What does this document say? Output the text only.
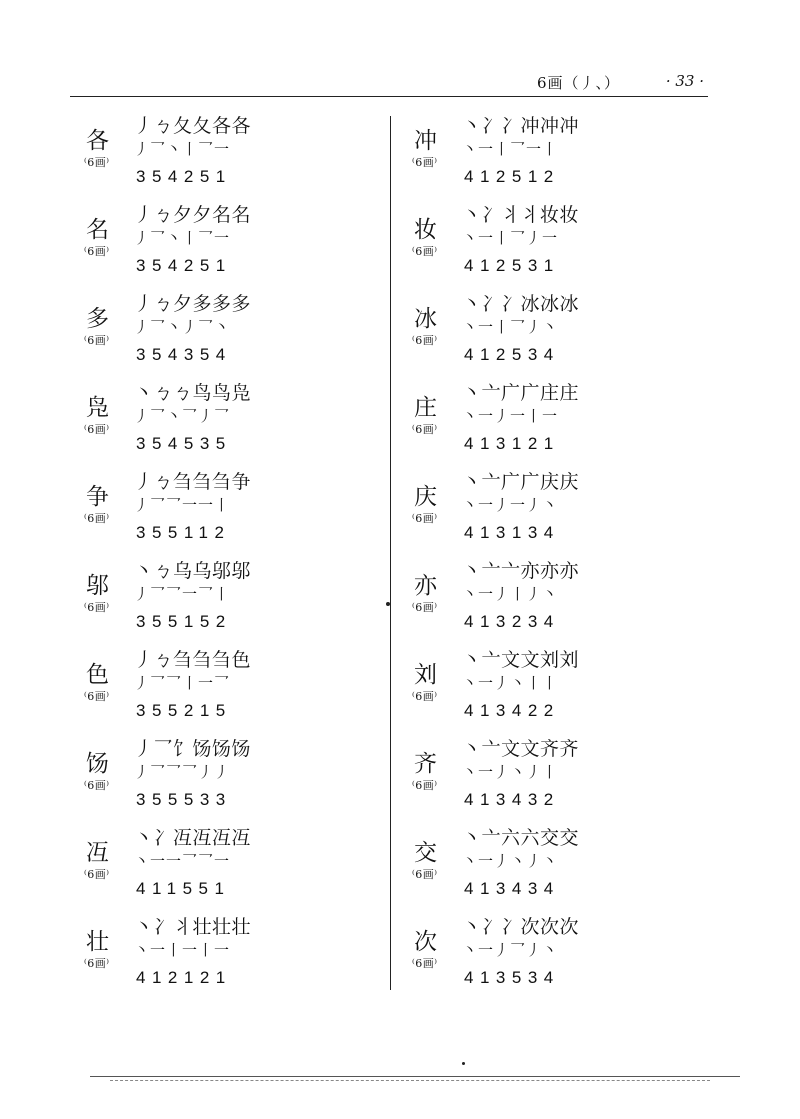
6画（丿、）	· 33 ·
各
⁽6画⁾
丿ㄅ夂夂各各
丿乛丶丨乛一
354251
名
⁽6画⁾
丿ㄅ夕夕名名
丿乛丶丨乛一
354251
多
⁽6画⁾
丿ㄅ夕多多多
丿乛丶丿乛丶
354354
凫
⁽6画⁾
丶ㄅㄅ鸟鸟凫
丿乛丶乛丿乛
354535
争
⁽6画⁾
丿ㄅ刍刍刍争
丿乛乛一一丨
355112
邬
⁽6画⁾
丶ㄅ乌乌邬邬
丿乛乛一乛丨
355152
色
⁽6画⁾
丿ㄅ刍刍刍色
丿乛乛丨一乛
355215
饧
⁽6画⁾
丿乛饣饧饧饧
丿乛乛乛丿丿
355533
冱
⁽6画⁾
丶冫冱冱冱冱
丶一一乛乛一
411551
壮
⁽6画⁾
丶冫丬壮壮壮
丶一丨一丨一
412121
冲
⁽6画⁾
丶冫冫冲冲冲
丶一丨乛一丨
412512
妆
⁽6画⁾
丶冫丬丬妆妆
丶一丨乛丿一
412531
冰
⁽6画⁾
丶冫冫冰冰冰
丶一丨乛丿丶
412534
庄
⁽6画⁾
丶亠广广庄庄
丶一丿一丨一
413121
庆
⁽6画⁾
丶亠广广庆庆
丶一丿一丿丶
413134
亦
⁽6画⁾
丶亠亠亦亦亦
丶一丿丨丿丶
413234
刘
⁽6画⁾
丶亠文文刘刘
丶一丿丶丨丨
413422
齐
⁽6画⁾
丶亠文文齐齐
丶一丿丶丿丨
413432
交
⁽6画⁾
丶亠六六交交
丶一丿丶丿丶
413434
次
⁽6画⁾
丶冫冫次次次
丶一丿乛丿丶
413534
